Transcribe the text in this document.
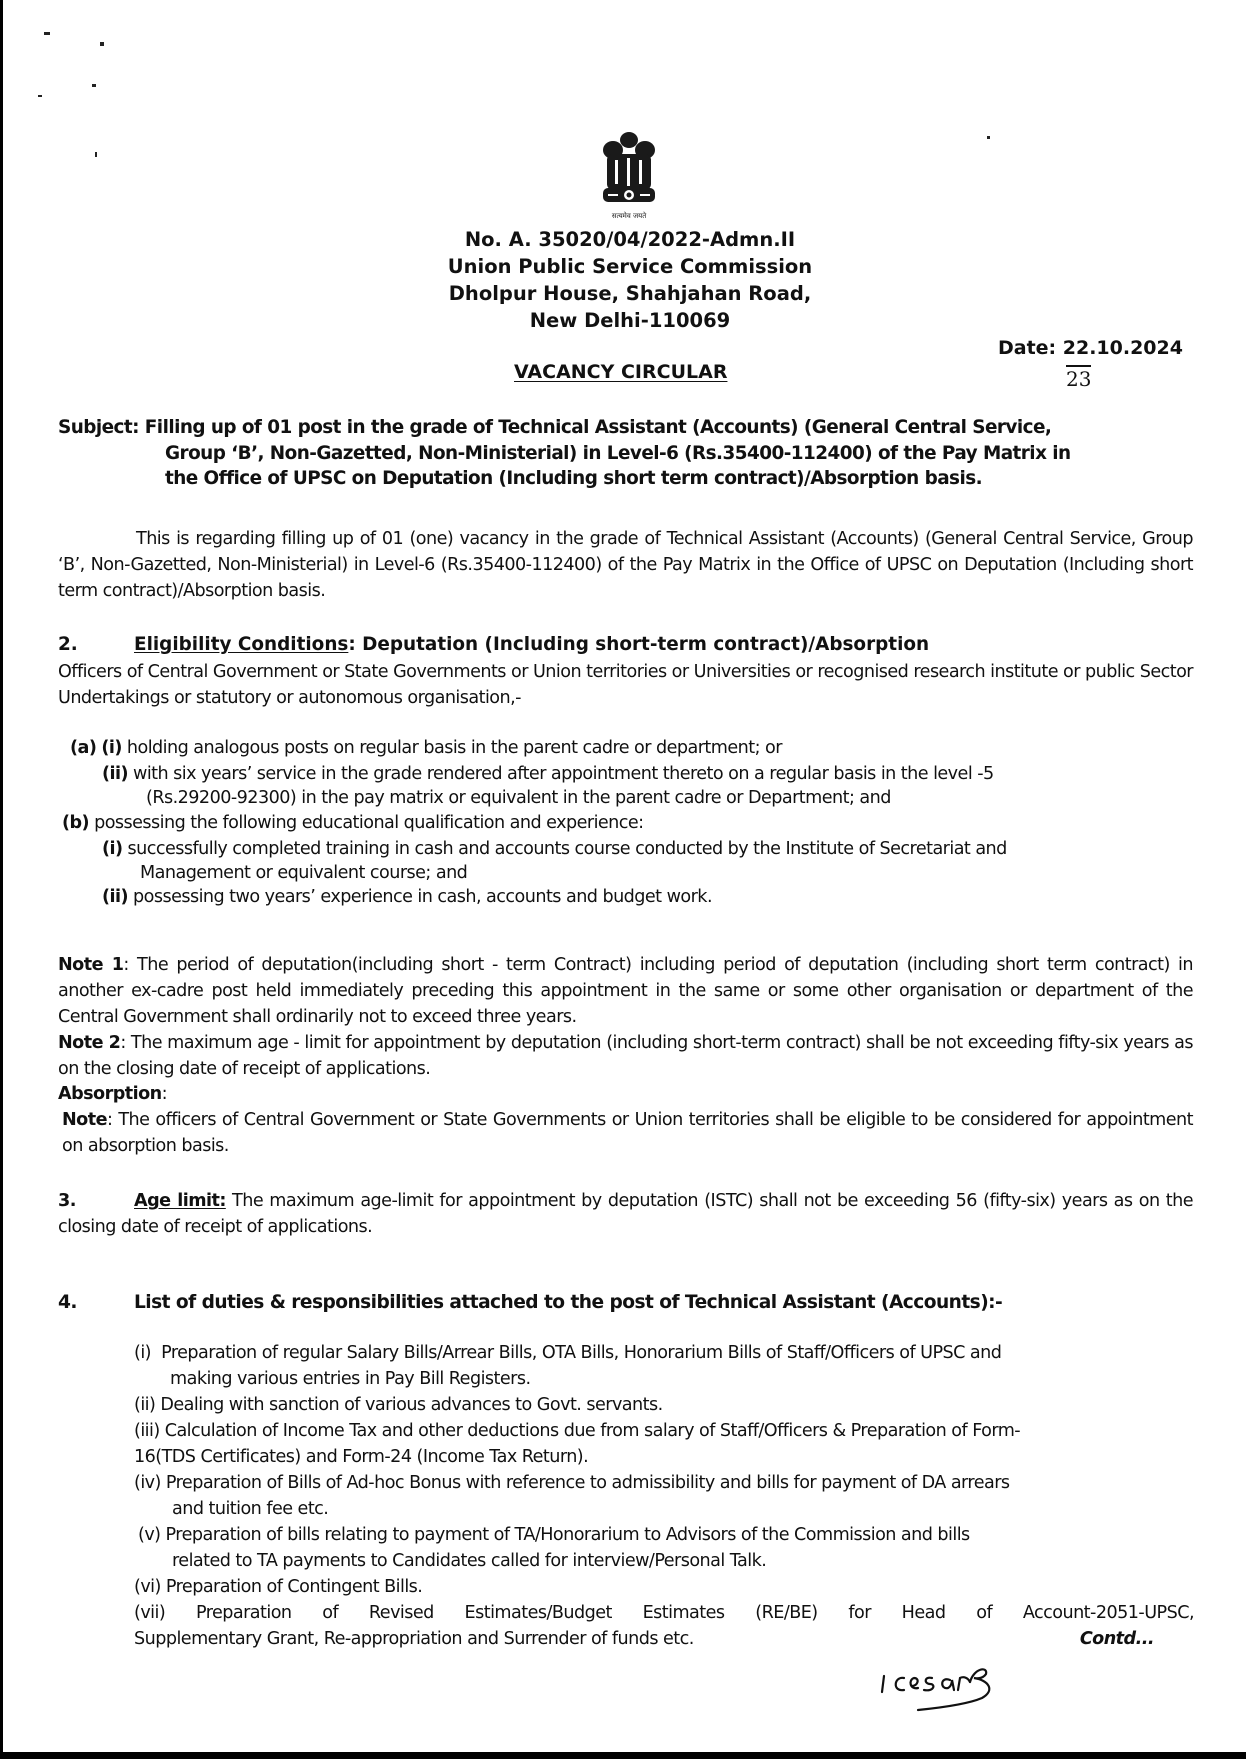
सत्यमेव जयते
No. A. 35020/04/2022-Admn.II
Union Public Service Commission
Dholpur House, Shahjahan Road,
New Delhi-110069
Date: 22.10.2024
23
VACANCY CIRCULAR
Subject: Filling up of 01 post in the grade of Technical Assistant (Accounts) (General Central Service,
Group ‘B’, Non-Gazetted, Non-Ministerial) in Level-6 (Rs.35400-112400) of the Pay Matrix in
the Office of UPSC on Deputation (Including short term contract)/Absorption basis.
This is regarding filling up of 01 (one) vacancy in the grade of Technical Assistant (Accounts) (General Central Service, Group ‘B’, Non-Gazetted, Non-Ministerial) in Level-6 (Rs.35400-112400) of the Pay Matrix in the Office of UPSC on Deputation (Including short term contract)/Absorption basis.
2.	Eligibility Conditions: Deputation (Including short-term contract)/Absorption
Officers of Central Government or State Governments or Union territories or Universities or recognised research institute or public Sector Undertakings or statutory or autonomous organisation,-
(a) (i) holding analogous posts on regular basis in the parent cadre or department; or
(ii) with six years’ service in the grade rendered after appointment thereto on a regular basis in the level -5
(Rs.29200-92300) in the pay matrix or equivalent in the parent cadre or Department; and
(b) possessing the following educational qualification and experience:
(i) successfully completed training in cash and accounts course conducted by the Institute of Secretariat and
Management or equivalent course; and
(ii) possessing two years’ experience in cash, accounts and budget work.
Note 1: The period of deputation(including short - term Contract) including period of deputation (including short term contract) in another ex-cadre post held immediately preceding this appointment in the same or some other organisation or department of the Central Government shall ordinarily not to exceed three years.
Note 2: The maximum age - limit for appointment by deputation (including short-term contract) shall be not exceeding fifty-six years as on the closing date of receipt of applications.
Absorption:
Note: The officers of Central Government or State Governments or Union territories shall be eligible to be considered for appointment on absorption basis.
3.	Age limit: The maximum age-limit for appointment by deputation (ISTC) shall not be exceeding 56 (fifty-six) years as on the closing date of receipt of applications.
4.	List of duties & responsibilities attached to the post of Technical Assistant (Accounts):-
(i) Preparation of regular Salary Bills/Arrear Bills, OTA Bills, Honorarium Bills of Staff/Officers of UPSC and
making various entries in Pay Bill Registers.
(ii) Dealing with sanction of various advances to Govt. servants.
(iii) Calculation of Income Tax and other deductions due from salary of Staff/Officers & Preparation of Form-
16(TDS Certificates) and Form-24 (Income Tax Return).
(iv) Preparation of Bills of Ad-hoc Bonus with reference to admissibility and bills for payment of DA arrears
and tuition fee etc.
(v) Preparation of bills relating to payment of TA/Honorarium to Advisors of the Commission and bills
related to TA payments to Candidates called for interview/Personal Talk.
(vi) Preparation of Contingent Bills.
(vii) Preparation of Revised Estimates/Budget Estimates (RE/BE) for Head of Account-2051-UPSC,
Supplementary Grant, Re-appropriation and Surrender of funds etc.	Contd...
